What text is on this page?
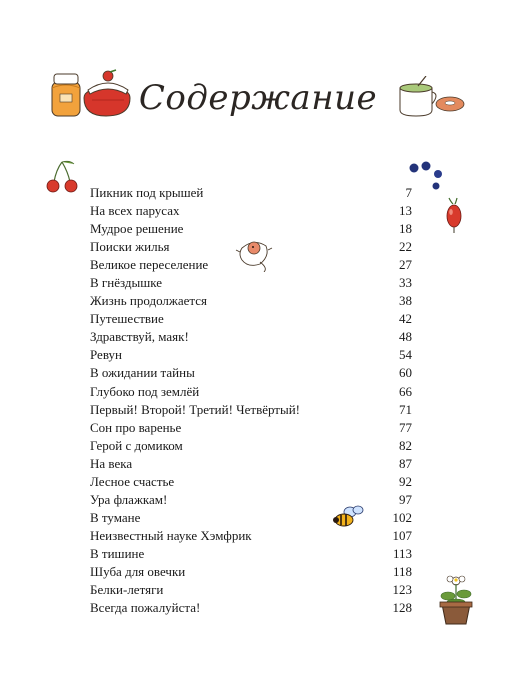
Содержание
Пикник под крышей	7
На всех парусах	13
Мудрое решение	18
Поиски жилья	22
Великое переселение	27
В гнёздышке	33
Жизнь продолжается	38
Путешествие	42
Здравствуй, маяк!	48
Ревун	54
В ожидании тайны	60
Глубоко под землёй	66
Первый! Второй! Третий! Четвёртый!	71
Сон про варенье	77
Герой с домиком	82
На века	87
Лесное счастье	92
Ура флажкам!	97
В тумане	102
Неизвестный науке Хэмфрик	107
В тишине	113
Шуба для овечки	118
Белки-летяги	123
Всегда пожалуйста!	128
